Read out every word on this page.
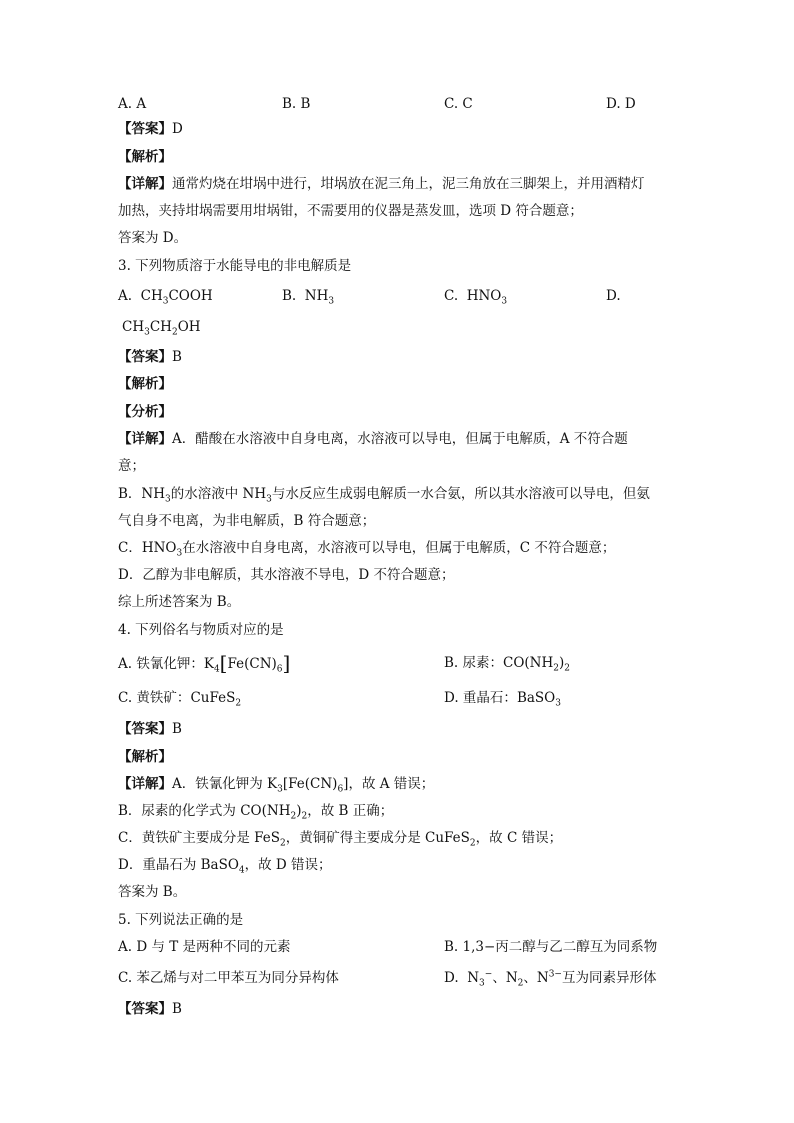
A. A	B. B	C. C	D. D
【答案】D
【解析】
【详解】通常灼烧在坩埚中进行，坩埚放在泥三角上，泥三角放在三脚架上，并用酒精灯
加热，夹持坩埚需要用坩埚钳，不需要用的仪器是蒸发皿，选项 D 符合题意；
答案为 D。
3. 下列物质溶于水能导电的非电解质是
A.  $CH_3COOH$	B.  $NH_3$	C.  $HNO_3$	D.
$CH_3CH_2OH$
【答案】B
【解析】
【分析】
【详解】A．醋酸在水溶液中自身电离，水溶液可以导电，但属于电解质，A 不符合题
意；
B．$NH_3$的水溶液中 $NH_3$与水反应生成弱电解质一水合氨，所以其水溶液可以导电，但氨
气自身不电离，为非电解质，B 符合题意；
C．$HNO_3$在水溶液中自身电离，水溶液可以导电，但属于电解质，C 不符合题意；
D．乙醇为非电解质，其水溶液不导电，D 不符合题意；
综上所述答案为 B。
4. 下列俗名与物质对应的是
A. 铁氰化钾：$K_4[Fe(CN)_6]$	B. 尿素：$CO(NH_2)_2$
C. 黄铁矿：CuFeS$_2$	D. 重晶石：BaSO$_3$
【答案】B
【解析】
【详解】A．铁氰化钾为 $K_3[Fe(CN)_6]$，故 A 错误；
B．尿素的化学式为 $CO(NH_2)_2$，故 B 正确；
C．黄铁矿主要成分是 FeS$_2$，黄铜矿得主要成分是 CuFeS$_2$，故 C 错误；
D．重晶石为 BaSO$_4$，故 D 错误；
答案为 B。
5. 下列说法正确的是
A. D 与 T 是两种不同的元素	B. 1,3−丙二醇与乙二醇互为同系物
C. 苯乙烯与对二甲苯互为同分异构体	D.  $N_3^-$、$N_2$、$N^{3-}$互为同素异形体
【答案】B
